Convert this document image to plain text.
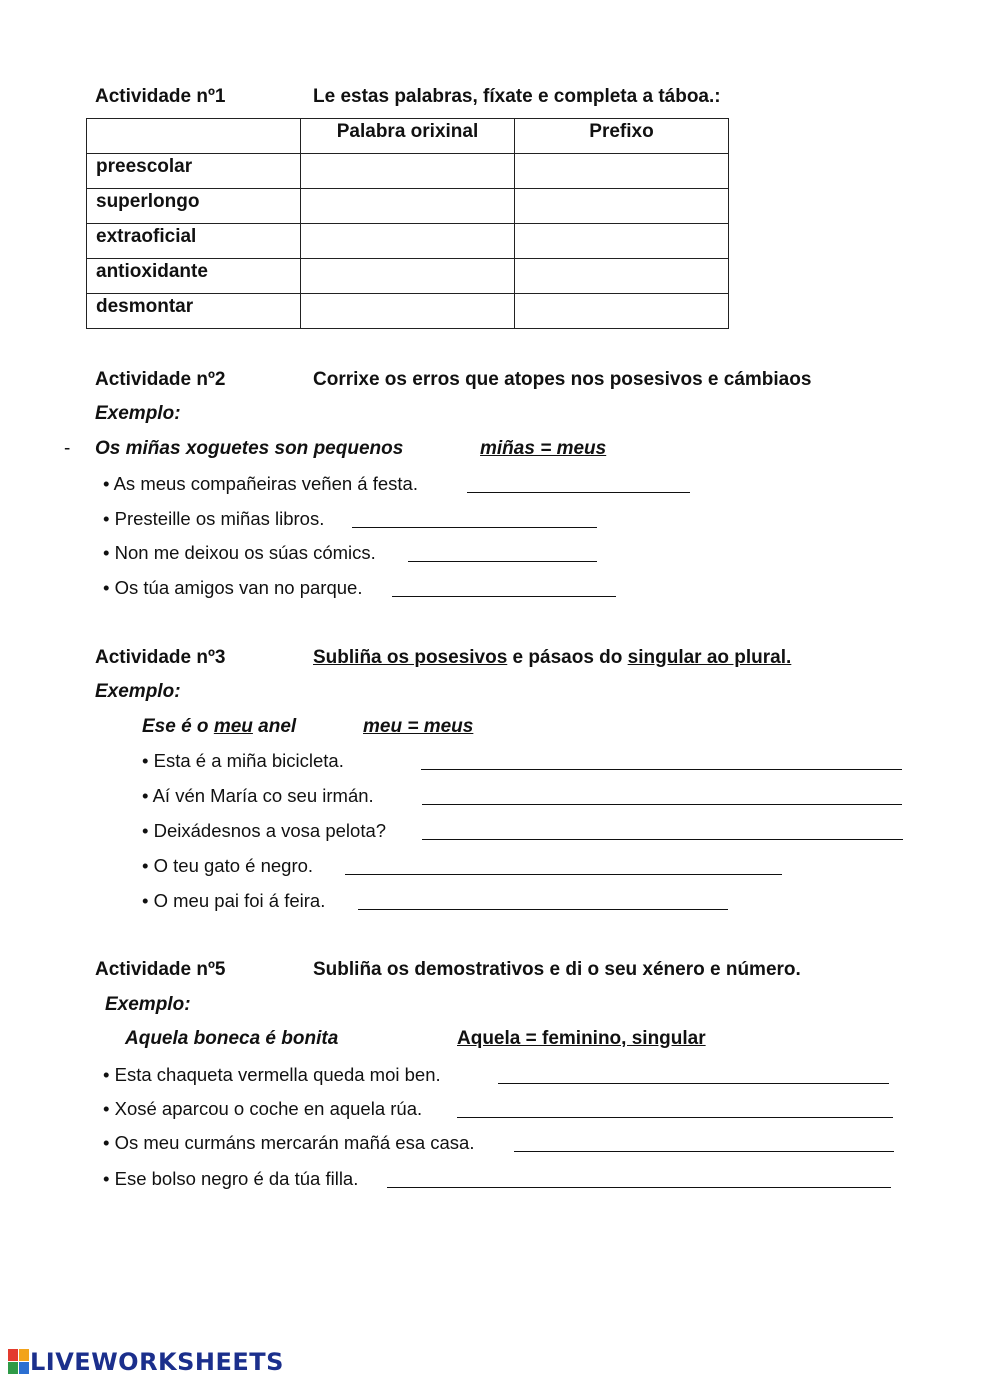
Actividade nº1	Le estas palabras, fíxate e completa a táboa.:
	Palabra orixinal	Prefixo
preescolar		
superlongo		
extraoficial		
antioxidante		
desmontar		
Actividade nº2	Corrixe os erros que atopes nos posesivos e cámbiaos
Exemplo:
- Os miñas xoguetes son pequenos	miñas = meus
• As meus compañeiras veñen á festa.
• Presteille os miñas libros.
• Non me deixou os súas cómics.
• Os túa amigos van no parque.
Actividade nº3	Subliña os posesivos e pásaos do singular ao plural.
Exemplo:
Ese é o meu anel	meu = meus
• Esta é a miña bicicleta.
• Aí vén María co seu irmán.
• Deixádesnos a vosa pelota?
• O teu gato é negro.
• O meu pai foi á feira.
Actividade nº5	Subliña os demostrativos e di o seu xénero e número.
Exemplo:
Aquela boneca é bonita	Aquela = feminino, singular
• Esta chaqueta vermella queda moi ben.
• Xosé aparcou o coche en aquela rúa.
• Os meu curmáns mercarán mañá esa casa.
• Ese bolso negro é da túa filla.
LIVEWORKSHEETS
